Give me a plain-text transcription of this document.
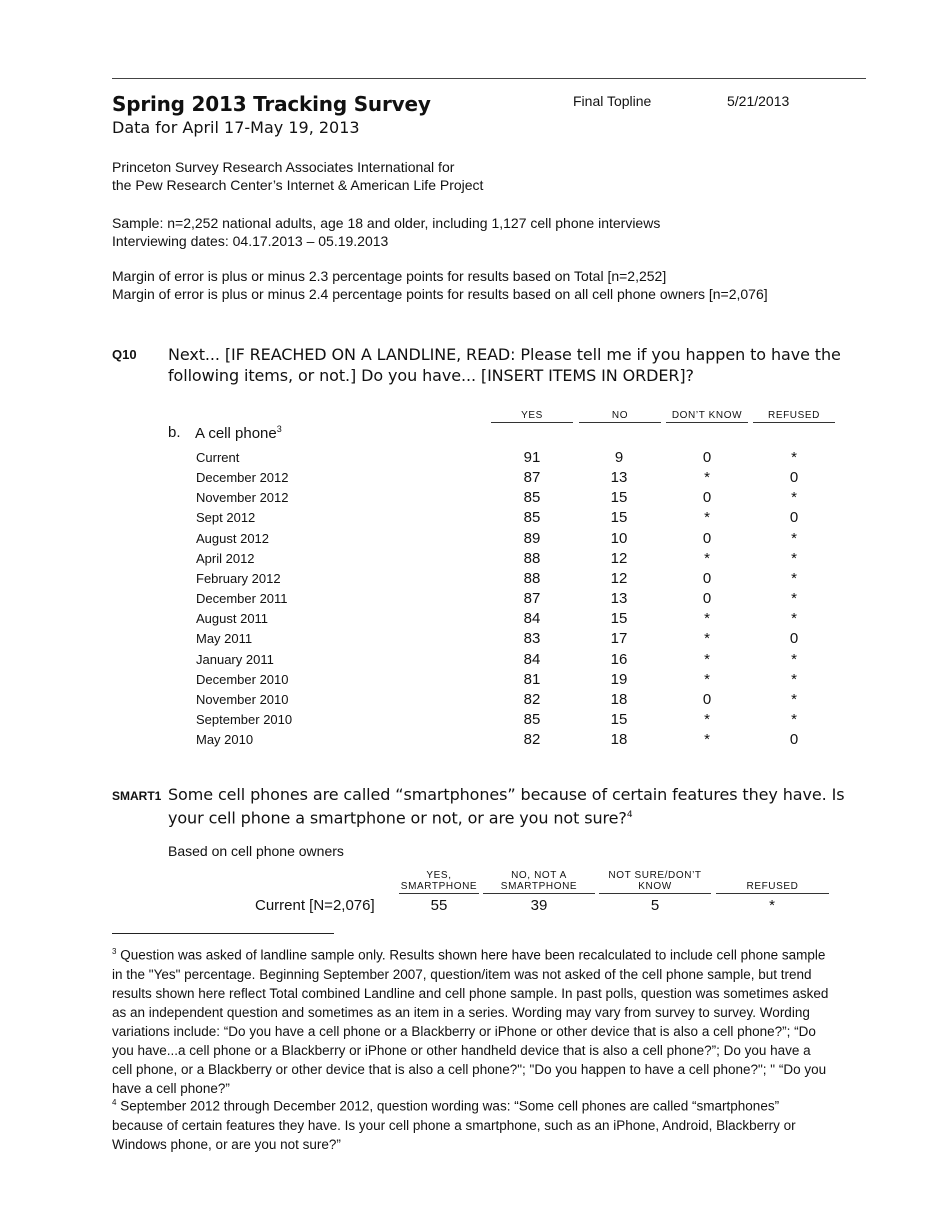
Spring 2013 Tracking Survey
Data for April 17-May 19, 2013
Final Topline	5/21/2013
Princeton Survey Research Associates International for
the Pew Research Center’s Internet & American Life Project
Sample: n=2,252 national adults, age 18 and older, including 1,127 cell phone interviews
Interviewing dates: 04.17.2013 – 05.19.2013
Margin of error is plus or minus 2.3 percentage points for results based on Total [n=2,252]
Margin of error is plus or minus 2.4 percentage points for results based on all cell phone owners [n=2,076]
Q10 Next... [IF REACHED ON A LANDLINE, READ: Please tell me if you happen to have the
following items, or not.] Do you have... [INSERT ITEMS IN ORDER]?
YES	NO	DON’T KNOW	REFUSED
b. A cell phone$^3$
Current	91	9	0	*
December 2012	87	13	*	0
November 2012	85	15	0	*
Sept 2012	85	15	*	0
August 2012	89	10	0	*
April 2012	88	12	*	*
February 2012	88	12	0	*
December 2011	87	13	0	*
August 2011	84	15	*	*
May 2011	83	17	*	0
January 2011	84	16	*	*
December 2010	81	19	*	*
November 2010	82	18	0	*
September 2010	85	15	*	*
May 2010	82	18	*	0
SMART1 Some cell phones are called “smartphones” because of certain features they have. Is
your cell phone a smartphone or not, or are you not sure?$^4$
Based on cell phone owners
YES,
SMARTPHONE
NO, NOT A
SMARTPHONE
NOT SURE/DON’T
KNOW	REFUSED
Current [N=2,076]	55	39	5	*
$^3$ Question was asked of landline sample only. Results shown here have been recalculated to include cell phone sample in the "Yes" percentage. Beginning September 2007, question/item was not asked of the cell phone sample, but trend results shown here reflect Total combined Landline and cell phone sample. In past polls, question was sometimes asked as an independent question and sometimes as an item in a series. Wording may vary from survey to survey. Wording variations include: “Do you have a cell phone or a Blackberry or iPhone or other device that is also a cell phone?”; “Do you have...a cell phone or a Blackberry or iPhone or other handheld device that is also a cell phone?”; Do you have a cell phone, or a Blackberry or other device that is also a cell phone?"; "Do you happen to have a cell phone?"; " “Do you have a cell phone?”
$^4$ September 2012 through December 2012, question wording was: “Some cell phones are called “smartphones” because of certain features they have. Is your cell phone a smartphone, such as an iPhone, Android, Blackberry or Windows phone, or are you not sure?”
